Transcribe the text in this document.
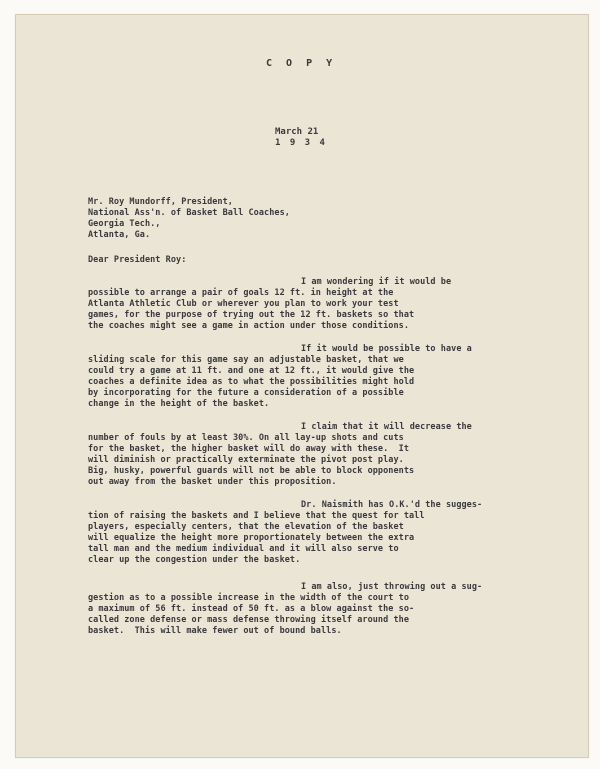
C O P Y
March 21
1 9 3 4
Mr. Roy Mundorff, President,
National Ass'n. of Basket Ball Coaches,
Georgia Tech.,
Atlanta, Ga.
Dear President Roy:
I am wondering if it would be
possible to arrange a pair of goals 12 ft. in height at the
Atlanta Athletic Club or wherever you plan to work your test
games, for the purpose of trying out the 12 ft. baskets so that
the coaches might see a game in action under those conditions.
If it would be possible to have a
sliding scale for this game say an adjustable basket, that we
could try a game at 11 ft. and one at 12 ft., it would give the
coaches a definite idea as to what the possibilities might hold
by incorporating for the future a consideration of a possible
change in the height of the basket.
I claim that it will decrease the
number of fouls by at least 30%. On all lay-up shots and cuts
for the basket, the higher basket will do away with these.  It
will diminish or practically exterminate the pivot post play.
Big, husky, powerful guards will not be able to block opponents
out away from the basket under this proposition.
Dr. Naismith has O.K.'d the sugges-
tion of raising the baskets and I believe that the quest for tall
players, especially centers, that the elevation of the basket
will equalize the height more proportionately between the extra
tall man and the medium individual and it will also serve to
clear up the congestion under the basket.
I am also, just throwing out a sug-
gestion as to a possible increase in the width of the court to
a maximum of 56 ft. instead of 50 ft. as a blow against the so-
called zone defense or mass defense throwing itself around the
basket.  This will make fewer out of bound balls.
